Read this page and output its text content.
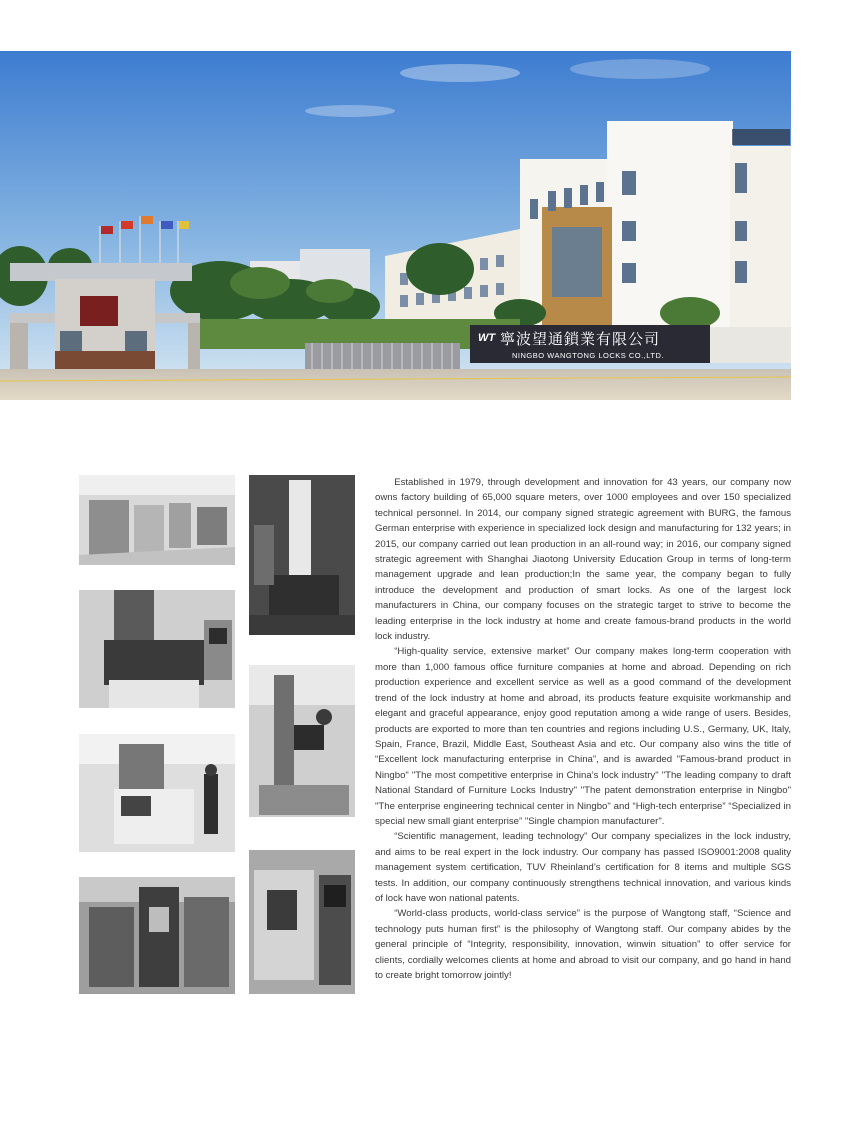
WT 寧波望通鎖業有限公司
NINGBO WANGTONG LOCKS CO.,LTD.

Established in 1979, through development and innovation for 43 years, our company now owns factory building of 65,000 square meters, over 1000 employees and over 150 specialized technical personnel. In 2014, our company signed strategic agreement with BURG, the famous German enterprise with experience in specialized lock design and manufacturing for 132 years; in 2015, our company carried out lean production in an all-round way; in 2016, our company signed strategic agreement with Shanghai Jiaotong University Education Group in terms of long-term management upgrade and lean production;In the same year, the company began to fully introduce the development and production of smart locks. As one of the largest lock manufacturers in China, our company focuses on the strategic target to strive to become the leading enterprise in the lock industry at home and create famous-brand products in the world lock industry.

“High-quality service, extensive market” Our company makes long-term cooperation with more than 1,000 famous office furniture companies at home and abroad. Depending on rich production experience and excellent service as well as a good command of the development trend of the lock industry at home and abroad, its products feature exquisite workmanship and elegant and graceful appearance, enjoy good reputation among a wide range of users. Besides, products are exported to more than ten countries and regions including U.S., Germany, UK, Italy, Spain, France, Brazil, Middle East, Southeast Asia and etc. Our company also wins the title of “Excellent lock manufacturing enterprise in China”, and is awarded "Famous-brand product in Ningbo" "The most competitive enterprise in China’s lock industry" "The leading company to draft National Standard of Furniture Locks Industry" "The patent demonstration enterprise in Ningbo" "The enterprise engineering technical center in Ningbo" and “High-tech enterprise” “Specialized in special new small giant enterprise” "Single champion manufacturer".

“Scientific management, leading technology” Our company specializes in the lock industry, and aims to be real expert in the lock industry. Our company has passed ISO9001:2008 quality management system certification, TUV Rheinland’s certification for 8 items and multiple SGS tests. In addition, our company continuously strengthens technical innovation, and various kinds of lock have won national patents.

“World-class products, world-class service” is the purpose of Wangtong staff, “Science and technology puts human first” is the philosophy of Wangtong staff. Our company abides by the general principle of “Integrity, responsibility, innovation, winwin situation” to offer service for clients, cordially welcomes clients at home and abroad to visit our company, and go hand in hand to create bright tomorrow jointly!
